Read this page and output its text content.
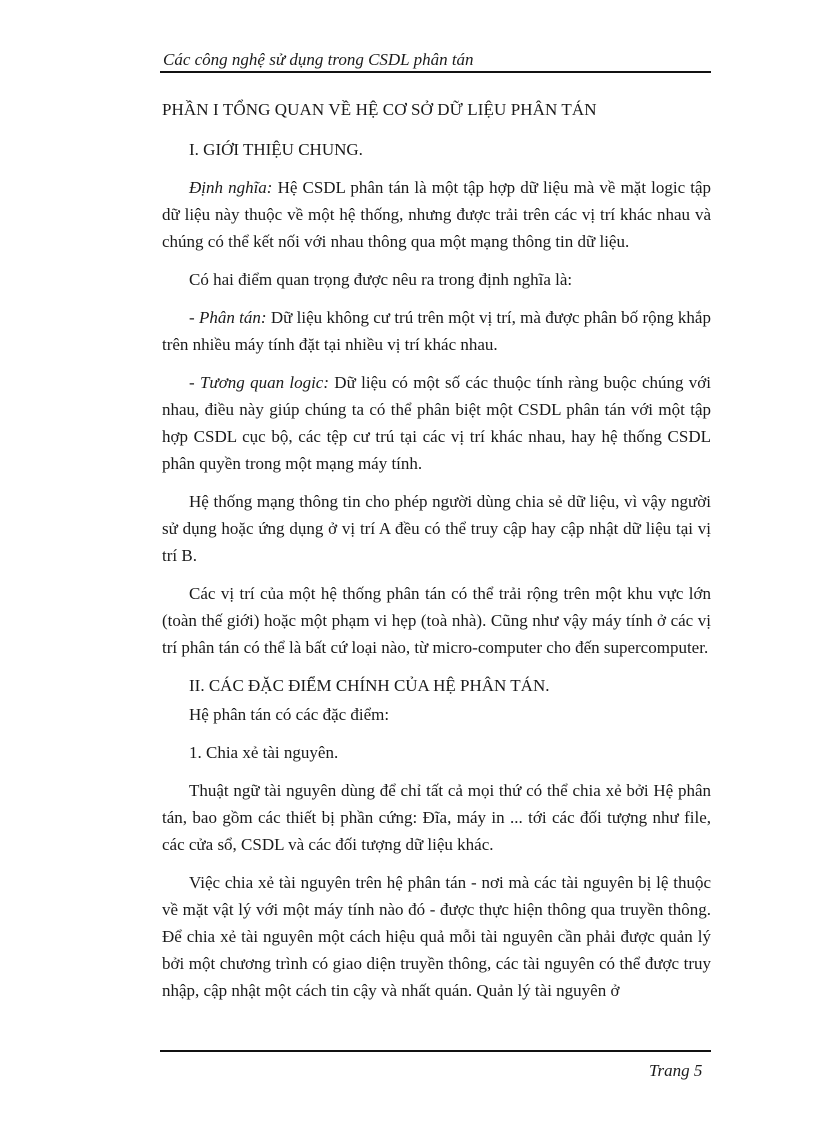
Các công nghệ sử dụng trong CSDL phân tán

PHẦN I TỔNG QUAN VỀ HỆ CƠ SỞ DỮ LIỆU PHÂN TÁN

I. GIỚI THIỆU CHUNG.

Định nghĩa: Hệ CSDL phân tán là một tập hợp dữ liệu mà về mặt logic tập dữ liệu này thuộc về một hệ thống, nhưng được trải trên các vị trí khác nhau và chúng có thể kết nối với nhau thông qua một mạng thông tin dữ liệu.

Có hai điểm quan trọng được nêu ra trong định nghĩa là:

- Phân tán: Dữ liệu không cư trú trên một vị trí, mà được phân bố rộng khắp trên nhiều máy tính đặt tại nhiều vị trí khác nhau.

- Tương quan logic: Dữ liệu có một số các thuộc tính ràng buộc chúng với nhau, điều này giúp chúng ta có thể phân biệt một CSDL phân tán với một tập hợp CSDL cục bộ, các tệp cư trú tại các vị trí khác nhau, hay hệ thống CSDL phân quyền trong một mạng máy tính.

Hệ thống mạng thông tin cho phép người dùng chia sẻ dữ liệu, vì vậy người sử dụng hoặc ứng dụng ở vị trí A đều có thể truy cập hay cập nhật dữ liệu tại vị trí B.

Các vị trí của một hệ thống phân tán có thể trải rộng trên một khu vực lớn (toàn thế giới) hoặc một phạm vi hẹp (toà nhà). Cũng như vậy máy tính ở các vị trí phân tán có thể là bất cứ loại nào, từ micro-computer cho đến supercomputer.

II. CÁC ĐẶC ĐIỂM CHÍNH CỦA HỆ PHÂN TÁN.

Hệ phân tán có các đặc điểm:

1. Chia xẻ tài nguyên.

Thuật ngữ tài nguyên dùng để chỉ tất cả mọi thứ có thể chia xẻ bởi Hệ phân tán, bao gồm các thiết bị phần cứng: Đĩa, máy in ... tới các đối tượng như file, các cửa sổ, CSDL và các đối tượng dữ liệu khác.

Việc chia xẻ tài nguyên trên hệ phân tán - nơi mà các tài nguyên bị lệ thuộc về mặt vật lý với một máy tính nào đó - được thực hiện thông qua truyền thông. Để chia xẻ tài nguyên một cách hiệu quả mỗi tài nguyên cần phải được quản lý bởi một chương trình có giao diện truyền thông, các tài nguyên có thể được truy nhập, cập nhật một cách tin cậy và nhất quán. Quản lý tài nguyên ở

Trang 5
